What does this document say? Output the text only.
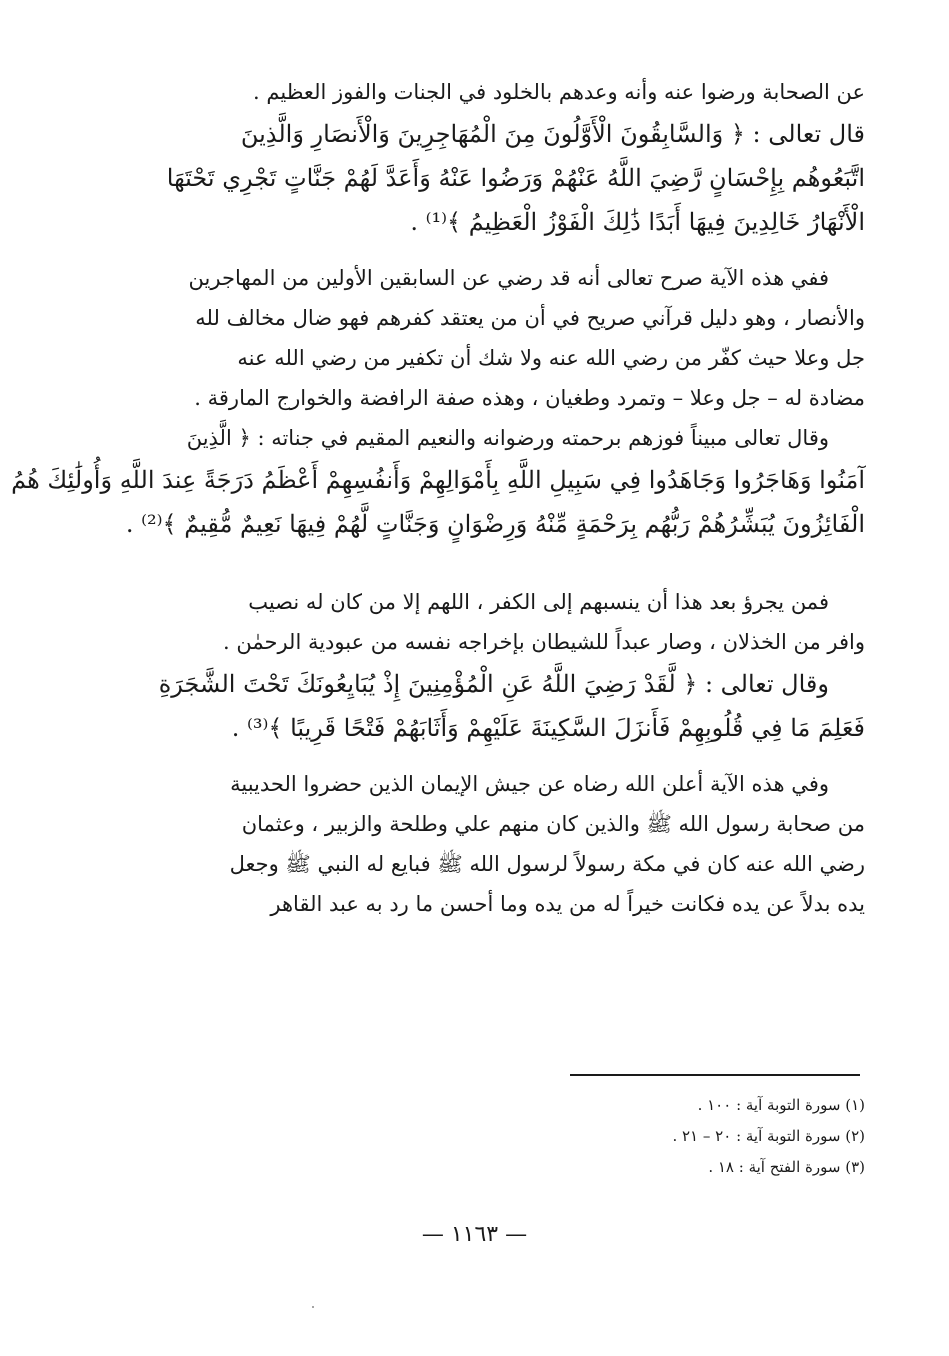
عن الصحابة ورضوا عنه وأنه وعدهم بالخلود في الجنات والفوز العظيم .
قال تعالى : ﴿ وَالسَّابِقُونَ الْأَوَّلُونَ مِنَ الْمُهَاجِرِينَ وَالْأَنصَارِ وَالَّذِينَ
اتَّبَعُوهُم بِإِحْسَانٍ رَّضِيَ اللَّهُ عَنْهُمْ وَرَضُوا عَنْهُ وَأَعَدَّ لَهُمْ جَنَّاتٍ تَجْرِي تَحْتَهَا
الْأَنْهَارُ خَالِدِينَ فِيهَا أَبَدًا ذَٰلِكَ الْفَوْزُ الْعَظِيمُ ﴾⁽¹⁾ .
ففي هذه الآية صرح تعالى أنه قد رضي عن السابقين الأولين من المهاجرين
والأنصار ، وهو دليل قرآني صريح في أن من يعتقد كفرهم فهو ضال مخالف لله
جل وعلا حيث كفّر من رضي الله عنه ولا شك أن تكفير من رضي الله عنه
مضادة له – جل وعلا – وتمرد وطغيان ، وهذه صفة الرافضة والخوارج المارقة .
وقال تعالى مبيناً فوزهم برحمته ورضوانه والنعيم المقيم في جناته : ﴿ الَّذِينَ
آمَنُوا وَهَاجَرُوا وَجَاهَدُوا فِي سَبِيلِ اللَّهِ بِأَمْوَالِهِمْ وَأَنفُسِهِمْ أَعْظَمُ دَرَجَةً عِندَ اللَّهِ وَأُولَٰئِكَ هُمُ
الْفَائِزُونَ يُبَشِّرُهُمْ رَبُّهُم بِرَحْمَةٍ مِّنْهُ وَرِضْوَانٍ وَجَنَّاتٍ لَّهُمْ فِيهَا نَعِيمٌ مُّقِيمٌ ﴾⁽²⁾ .
فمن يجرؤ بعد هذا أن ينسبهم إلى الكفر ، اللهم إلا من كان له نصيب
وافر من الخذلان ، وصار عبداً للشيطان بإخراجه نفسه من عبودية الرحمٰن .
وقال تعالى : ﴿ لَّقَدْ رَضِيَ اللَّهُ عَنِ الْمُؤْمِنِينَ إِذْ يُبَايِعُونَكَ تَحْتَ الشَّجَرَةِ
فَعَلِمَ مَا فِي قُلُوبِهِمْ فَأَنزَلَ السَّكِينَةَ عَلَيْهِمْ وَأَثَابَهُمْ فَتْحًا قَرِيبًا ﴾⁽³⁾ .
وفي هذه الآية أعلن الله رضاه عن جيش الإيمان الذين حضروا الحديبية
من صحابة رسول الله ﷺ والذين كان منهم علي وطلحة والزبير ، وعثمان
رضي الله عنه كان في مكة رسولاً لرسول الله ﷺ فبايع له النبي ﷺ وجعل
يده بدلاً عن يده فكانت خيراً له من يده وما أحسن ما رد به عبد القاهر
(١) سورة التوبة آية : ١٠٠ .
(٢) سورة التوبة آية : ٢٠ – ٢١ .
(٣) سورة الفتح آية : ١٨ .
— ١١٦٣ —
